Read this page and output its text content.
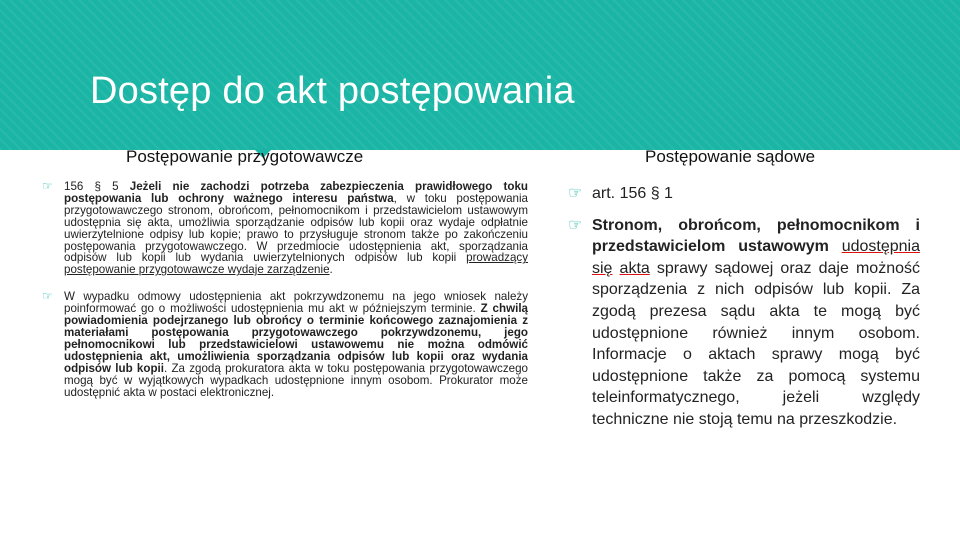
Dostęp do akt postępowania
Postępowanie przygotowawcze	Postępowanie sądowe
☞ 156 § 5 Jeżeli nie zachodzi potrzeba zabezpieczenia prawidłowego toku postępowania lub ochrony ważnego interesu państwa, w toku postępowania przygotowawczego stronom, obrońcom, pełnomocnikom i przedstawicielom ustawowym udostępnia się akta, umożliwia sporządzanie odpisów lub kopii oraz wydaje odpłatnie uwierzytelnione odpisy lub kopie; prawo to przysługuje stronom także po zakończeniu postępowania przygotowawczego. W przedmiocie udostępnienia akt, sporządzania odpisów lub kopii lub wydania uwierzytelnionych odpisów lub kopii prowadzący postępowanie przygotowawcze wydaje zarządzenie.
☞ W wypadku odmowy udostępnienia akt pokrzywdzonemu na jego wniosek należy poinformować go o możliwości udostępnienia mu akt w późniejszym terminie. Z chwilą powiadomienia podejrzanego lub obrońcy o terminie końcowego zaznajomienia z materiałami postępowania przygotowawczego pokrzywdzonemu, jego pełnomocnikowi lub przedstawicielowi ustawowemu nie można odmówić udostępnienia akt, umożliwienia sporządzania odpisów lub kopii oraz wydania odpisów lub kopii. Za zgodą prokuratora akta w toku postępowania przygotowawczego mogą być w wyjątkowych wypadkach udostępnione innym osobom. Prokurator może udostępnić akta w postaci elektronicznej.
☞ art. 156 § 1
☞ Stronom, obrońcom, pełnomocnikom i przedstawicielom ustawowym udostępnia się akta sprawy sądowej oraz daje możność sporządzenia z nich odpisów lub kopii. Za zgodą prezesa sądu akta te mogą być udostępnione również innym osobom. Informacje o aktach sprawy mogą być udostępnione także za pomocą systemu teleinformatycznego, jeżeli względy techniczne nie stoją temu na przeszkodzie.
